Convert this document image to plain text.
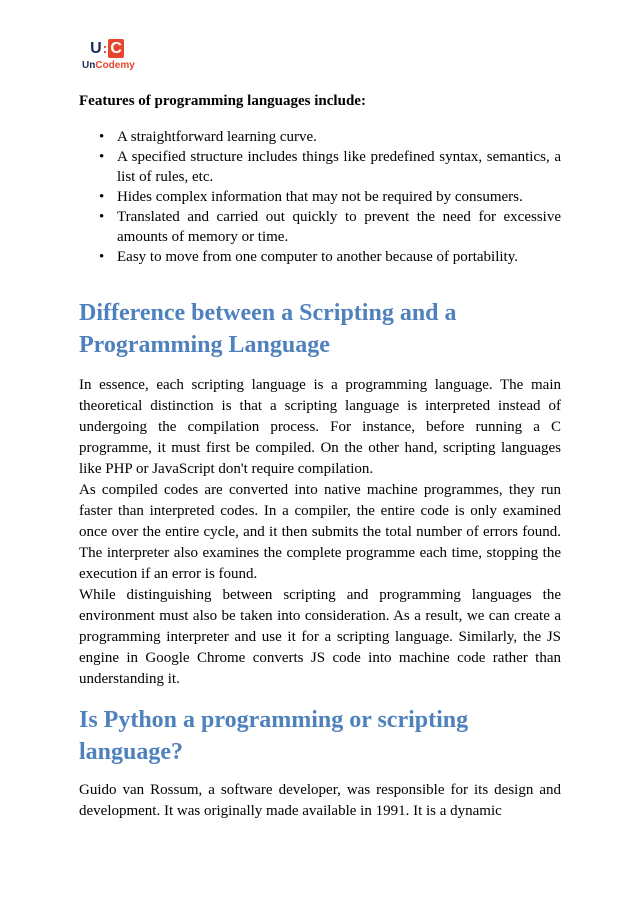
U : C
UnCodemy

Features of programming languages include:

• A straightforward learning curve.
• A specified structure includes things like predefined syntax, semantics, a list of rules, etc.
• Hides complex information that may not be required by consumers.
• Translated and carried out quickly to prevent the need for excessive amounts of memory or time.
• Easy to move from one computer to another because of portability.
Difference between a Scripting and a Programming Language

In essence, each scripting language is a programming language. The main theoretical distinction is that a scripting language is interpreted instead of undergoing the compilation process. For instance, before running a C programme, it must first be compiled. On the other hand, scripting languages like PHP or JavaScript don't require compilation.

As compiled codes are converted into native machine programmes, they run faster than interpreted codes. In a compiler, the entire code is only examined once over the entire cycle, and it then submits the total number of errors found. The interpreter also examines the complete programme each time, stopping the execution if an error is found.

While distinguishing between scripting and programming languages the environment must also be taken into consideration. As a result, we can create a programming interpreter and use it for a scripting language. Similarly, the JS engine in Google Chrome converts JS code into machine code rather than understanding it.

Is Python a programming or scripting language?

Guido van Rossum, a software developer, was responsible for its design and development. It was originally made available in 1991. It is a dynamic
